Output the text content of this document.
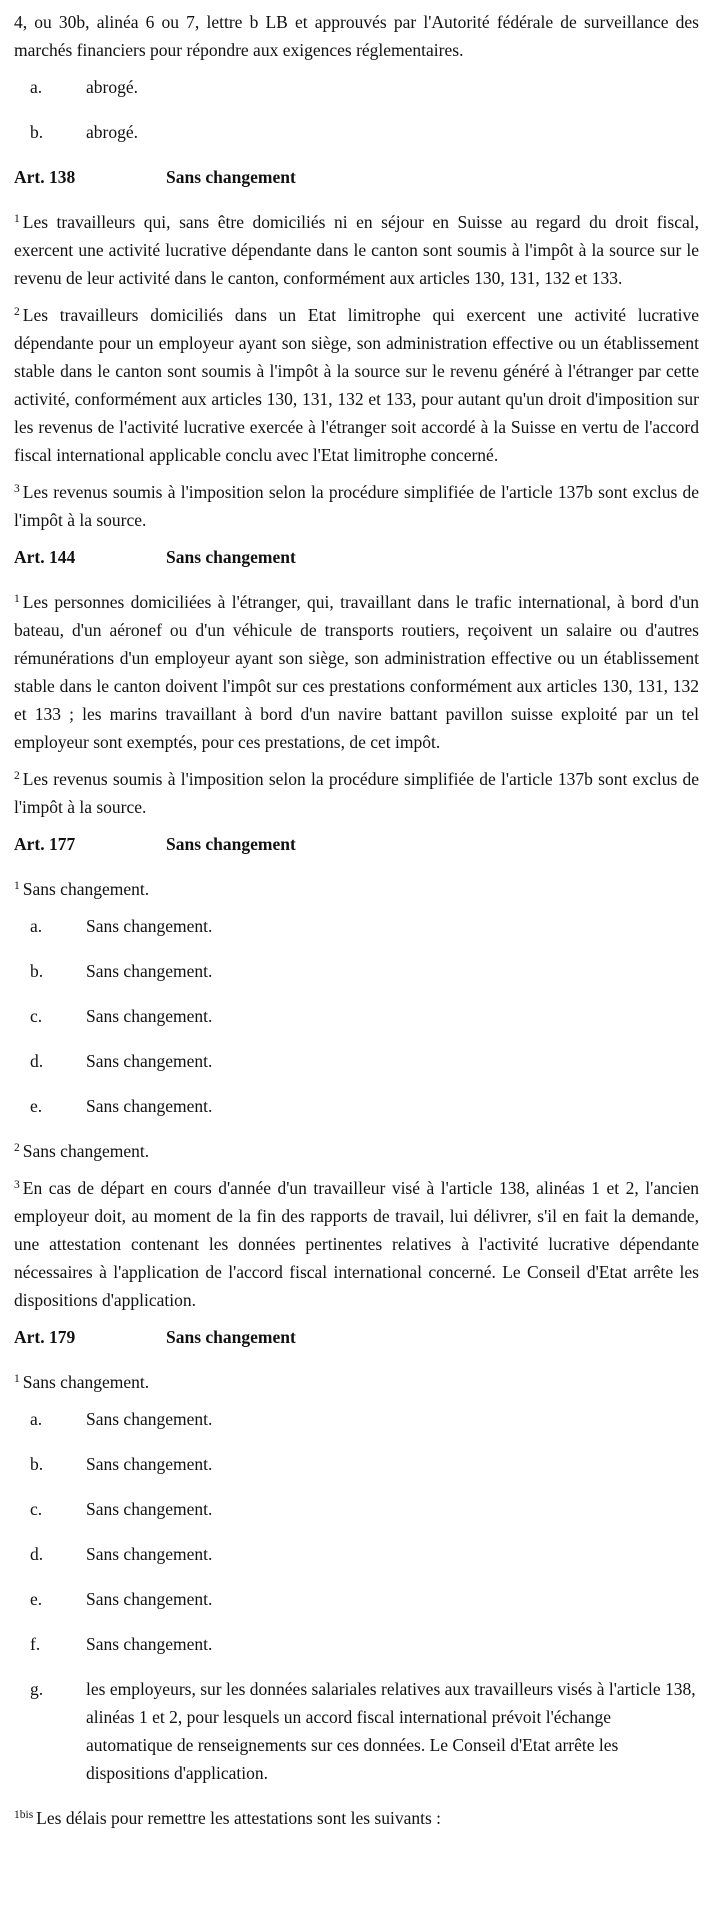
4, ou 30b, alinéa 6 ou 7, lettre b LB et approuvés par l'Autorité fédérale de surveillance des marchés financiers pour répondre aux exigences réglementaires.

a.	abrogé.
b.	abrogé.
Art. 138	Sans changement

$^1$ Les travailleurs qui, sans être domiciliés ni en séjour en Suisse au regard du droit fiscal, exercent une activité lucrative dépendante dans le canton sont soumis à l'impôt à la source sur le revenu de leur activité dans le canton, conformément aux articles 130, 131, 132 et 133.

$^2$ Les travailleurs domiciliés dans un Etat limitrophe qui exercent une activité lucrative dépendante pour un employeur ayant son siège, son administration effective ou un établissement stable dans le canton sont soumis à l'impôt à la source sur le revenu généré à l'étranger par cette activité, conformément aux articles 130, 131, 132 et 133, pour autant qu'un droit d'imposition sur les revenus de l'activité lucrative exercée à l'étranger soit accordé à la Suisse en vertu de l'accord fiscal international applicable conclu avec l'Etat limitrophe concerné.

$^3$ Les revenus soumis à l'imposition selon la procédure simplifiée de l'article 137b sont exclus de l'impôt à la source.

Art. 144	Sans changement

$^1$ Les personnes domiciliées à l'étranger, qui, travaillant dans le trafic international, à bord d'un bateau, d'un aéronef ou d'un véhicule de transports routiers, reçoivent un salaire ou d'autres rémunérations d'un employeur ayant son siège, son administration effective ou un établissement stable dans le canton doivent l'impôt sur ces prestations conformément aux articles 130, 131, 132 et 133 ; les marins travaillant à bord d'un navire battant pavillon suisse exploité par un tel employeur sont exemptés, pour ces prestations, de cet impôt.

$^2$ Les revenus soumis à l'imposition selon la procédure simplifiée de l'article 137b sont exclus de l'impôt à la source.

Art. 177	Sans changement

$^1$ Sans changement.

a.	Sans changement.
b.	Sans changement.
c.	Sans changement.
d.	Sans changement.
e.	Sans changement.

$^2$ Sans changement.

$^3$ En cas de départ en cours d'année d'un travailleur visé à l'article 138, alinéas 1 et 2, l'ancien employeur doit, au moment de la fin des rapports de travail, lui délivrer, s'il en fait la demande, une attestation contenant les données pertinentes relatives à l'activité lucrative dépendante nécessaires à l'application de l'accord fiscal international concerné. Le Conseil d'Etat arrête les dispositions d'application.

Art. 179	Sans changement

$^1$ Sans changement.

a.	Sans changement.
b.	Sans changement.
c.	Sans changement.
d.	Sans changement.
e.	Sans changement.
f.	Sans changement.
g.	les employeurs, sur les données salariales relatives aux travailleurs visés à l'article 138, alinéas 1 et 2, pour lesquels un accord fiscal international prévoit l'échange automatique de renseignements sur ces données. Le Conseil d'Etat arrête les dispositions d'application.

$^{1bis}$ Les délais pour remettre les attestations sont les suivants :
